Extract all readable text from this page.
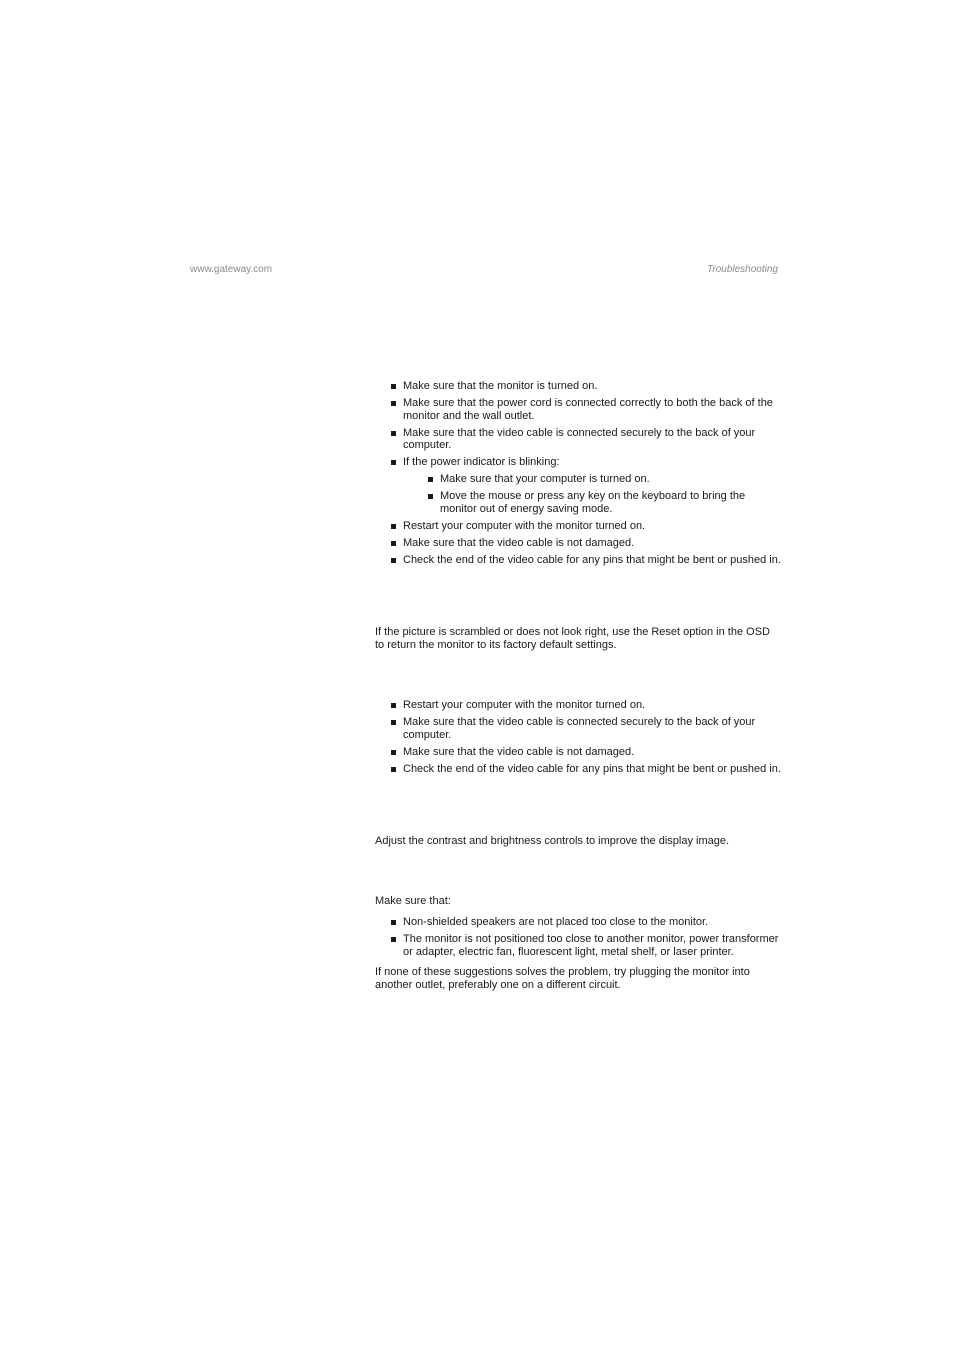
www.gateway.com	Troubleshooting
Make sure that the monitor is turned on.
Make sure that the power cord is connected correctly to both the back of the monitor and the wall outlet.
Make sure that the video cable is connected securely to the back of your computer.
If the power indicator is blinking:
Make sure that your computer is turned on.
Move the mouse or press any key on the keyboard to bring the monitor out of energy saving mode.
Restart your computer with the monitor turned on.
Make sure that the video cable is not damaged.
Check the end of the video cable for any pins that might be bent or pushed in.

If the picture is scrambled or does not look right, use the Reset option in the OSD to return the monitor to its factory default settings.

Restart your computer with the monitor turned on.
Make sure that the video cable is connected securely to the back of your computer.
Make sure that the video cable is not damaged.
Check the end of the video cable for any pins that might be bent or pushed in.

Adjust the contrast and brightness controls to improve the display image.

Make sure that:

Non-shielded speakers are not placed too close to the monitor.
The monitor is not positioned too close to another monitor, power transformer or adapter, electric fan, fluorescent light, metal shelf, or laser printer.

If none of these suggestions solves the problem, try plugging the monitor into another outlet, preferably one on a different circuit.
